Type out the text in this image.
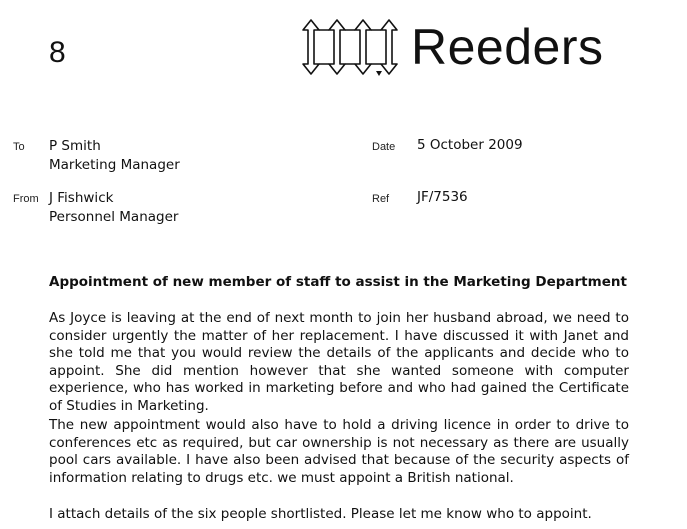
8	Reeders
To P Smith
Marketing Manager
Date 5 October 2009
From J Fishwick
Personnel Manager
Ref JF/7536
Appointment of new member of staff to assist in the Marketing Department

As Joyce is leaving at the end of next month to join her husband abroad, we need to consider urgently the matter of her replacement. I have discussed it with Janet and she told me that you would review the details of the applicants and decide who to appoint. She did mention however that she wanted someone with computer experience, who has worked in marketing before and who had gained the Certificate of Studies in Marketing.

The new appointment would also have to hold a driving licence in order to drive to conferences etc as required, but car ownership is not necessary as there are usually pool cars available. I have also been advised that because of the security aspects of information relating to drugs etc. we must appoint a British national.

I attach details of the six people shortlisted. Please let me know who to appoint.
